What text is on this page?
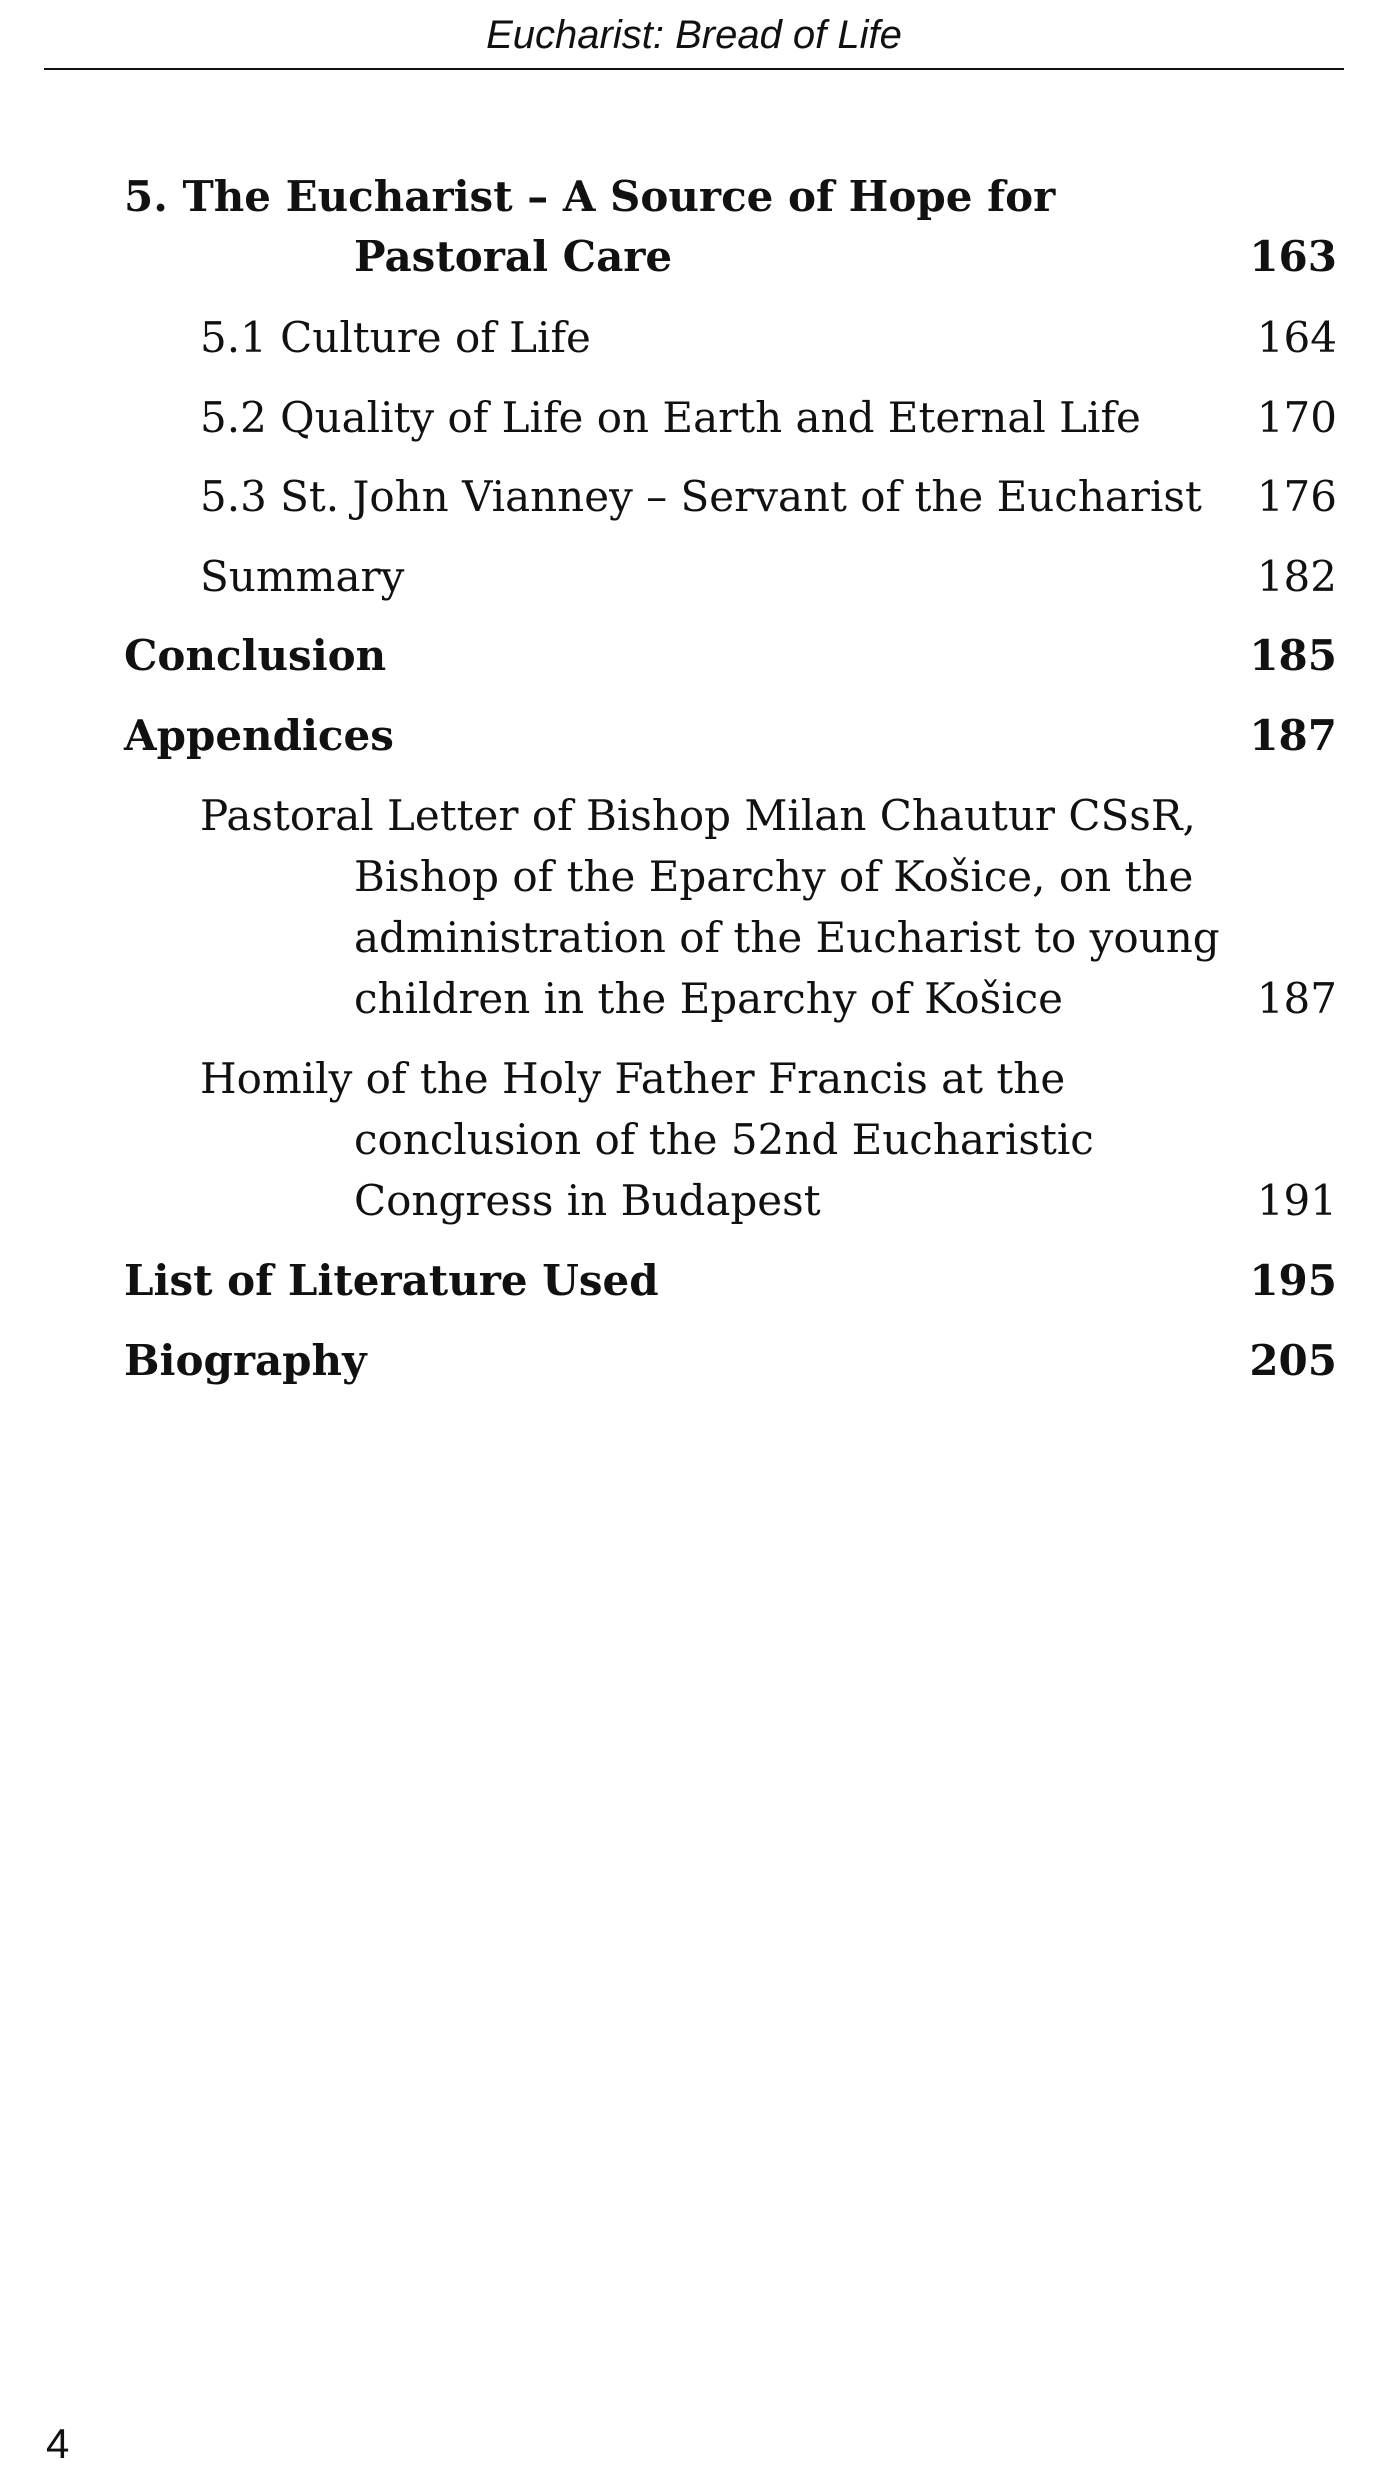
Eucharist: Bread of Life
5. The Eucharist – A Source of Hope for
Pastoral Care	163
5.1 Culture of Life	164
5.2 Quality of Life on Earth and Eternal Life	170
5.3 St. John Vianney – Servant of the Eucharist 176
Summary	182
Conclusion	185
Appendices	187
Pastoral Letter of Bishop Milan Chautur CSsR,
Bishop of the Eparchy of Košice, on the
administration of the Eucharist to young
children in the Eparchy of Košice	187
Homily of the Holy Father Francis at the
conclusion of the 52nd Eucharistic
Congress in Budapest	191
List of Literature Used	195
Biography	205
4
